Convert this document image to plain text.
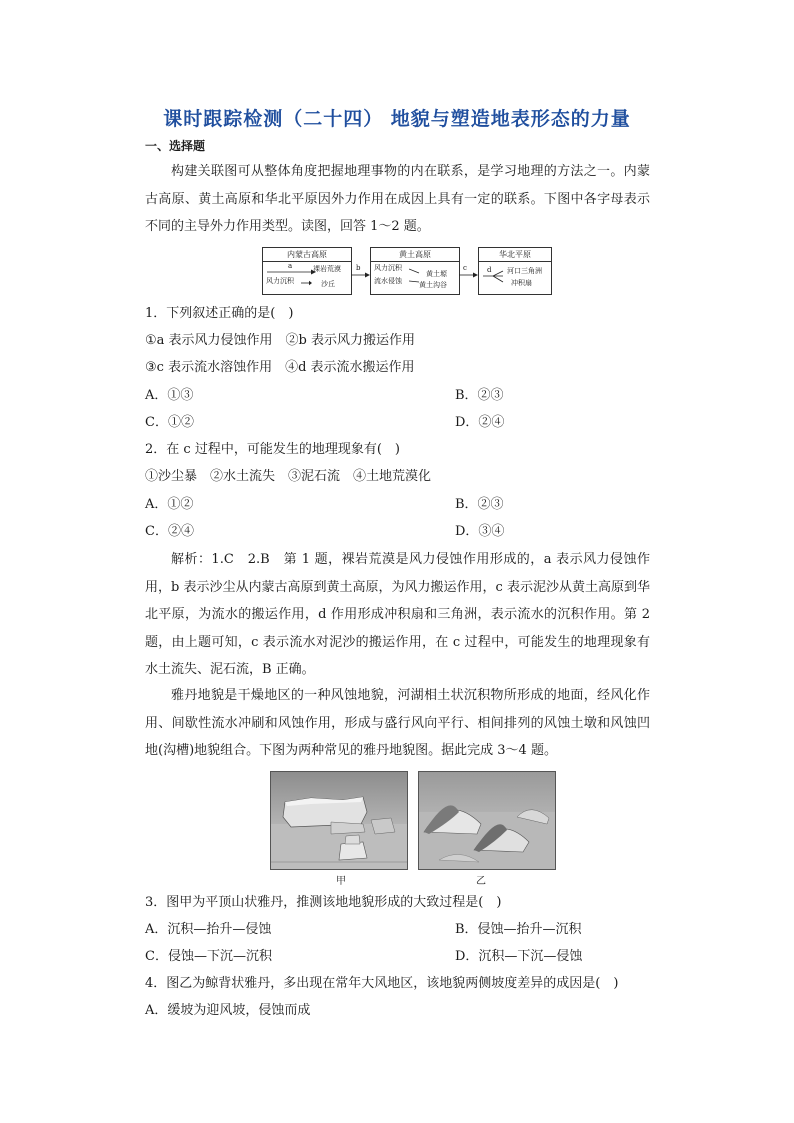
课时跟踪检测（二十四） 地貌与塑造地表形态的力量
一、选择题
构建关联图可从整体角度把握地理事物的内在联系，是学习地理的方法之一。内蒙古高原、黄土高原和华北平原因外力作用在成因上具有一定的联系。下图中各字母表示不同的主导外力作用类型。读图，回答 1～2 题。
内蒙古高原
a
风力沉积
裸岩荒漠
沙丘
b
黄土高原
风力沉积
流水侵蚀
黄土塬
黄土沟谷
c
华北平原
d 河口三角洲
冲积扇
1．下列叙述正确的是(　)
①a 表示风力侵蚀作用　②b 表示风力搬运作用
③c 表示流水溶蚀作用　④d 表示流水搬运作用
A．①③	B．②③
C．①②	D．②④
2．在 c 过程中，可能发生的地理现象有(　)
①沙尘暴　②水土流失　③泥石流　④土地荒漠化
A．①②	B．②③
C．②④	D．③④
解析：1.C　2.B　第 1 题，裸岩荒漠是风力侵蚀作用形成的，a 表示风力侵蚀作用，b 表示沙尘从内蒙古高原到黄土高原，为风力搬运作用，c 表示泥沙从黄土高原到华北平原，为流水的搬运作用，d 作用形成冲积扇和三角洲，表示流水的沉积作用。第 2 题，由上题可知，c 表示流水对泥沙的搬运作用，在 c 过程中，可能发生的地理现象有水土流失、泥石流，B 正确。
雅丹地貌是干燥地区的一种风蚀地貌，河湖相土状沉积物所形成的地面，经风化作用、间歇性流水冲刷和风蚀作用，形成与盛行风向平行、相间排列的风蚀土墩和风蚀凹地(沟槽)地貌组合。下图为两种常见的雅丹地貌图。据此完成 3～4 题。
甲	乙
3．图甲为平顶山状雅丹，推测该地地貌形成的大致过程是(　)
A．沉积—抬升—侵蚀	B．侵蚀—抬升—沉积
C．侵蚀—下沉—沉积	D．沉积—下沉—侵蚀
4．图乙为鲸背状雅丹，多出现在常年大风地区，该地貌两侧坡度差异的成因是(　)
A．缓坡为迎风坡，侵蚀而成
